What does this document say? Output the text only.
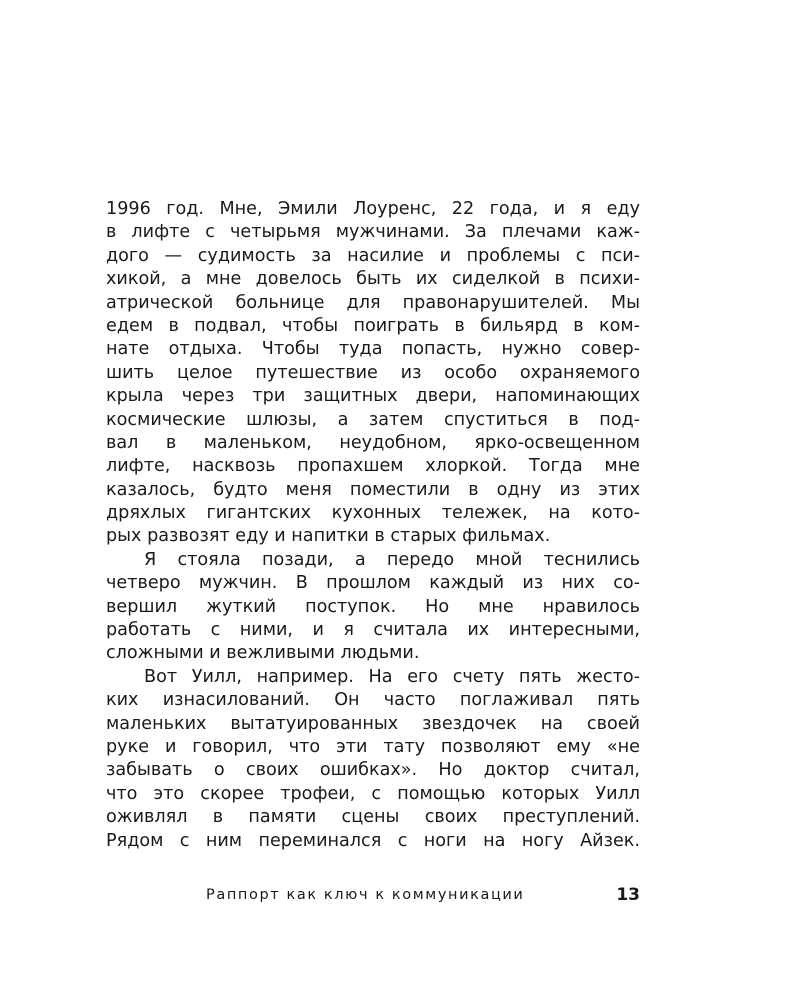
1996 год. Мне, Эмили Лоуренс, 22 года, и я еду
в лифте с четырьмя мужчинами. За плечами каж-
дого — судимость за насилие и проблемы с пси-
хикой, а мне довелось быть их сиделкой в психи-
атрической больнице для правонарушителей. Мы
едем в подвал, чтобы поиграть в бильярд в ком-
нате отдыха. Чтобы туда попасть, нужно совер-
шить целое путешествие из особо охраняемого
крыла через три защитных двери, напоминающих
космические шлюзы, а затем спуститься в под-
вал в маленьком, неудобном, ярко-освещенном
лифте, насквозь пропахшем хлоркой. Тогда мне
казалось, будто меня поместили в одну из этих
дряхлых гигантских кухонных тележек, на кото-
рых развозят еду и напитки в старых фильмах.
Я стояла позади, а передо мной теснились
четверо мужчин. В прошлом каждый из них со-
вершил жуткий поступок. Но мне нравилось
работать с ними, и я считала их интересными,
сложными и вежливыми людьми.
Вот Уилл, например. На его счету пять жесто-
ких изнасилований. Он часто поглаживал пять
маленьких вытатуированных звездочек на своей
руке и говорил, что эти тату позволяют ему «не
забывать о своих ошибках». Но доктор считал,
что это скорее трофеи, с помощью которых Уилл
оживлял в памяти сцены своих преступлений.
Рядом с ним переминался с ноги на ногу Айзек.
Раппорт как ключ к коммуникации	13
